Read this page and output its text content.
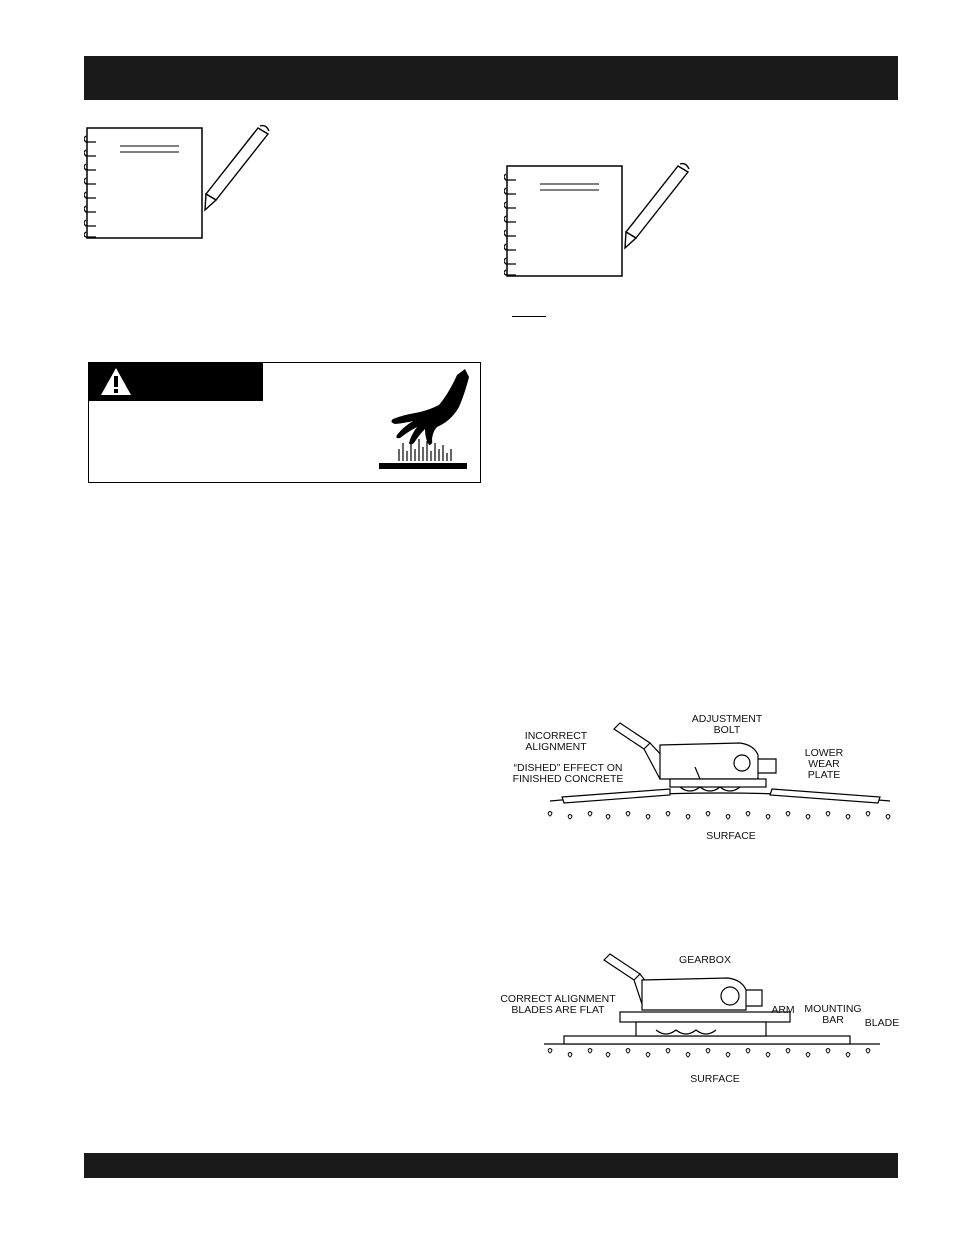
INCORRECT
ALIGNMENT
“DISHED” EFFECT ON
FINISHED CONCRETE
ADJUSTMENT
BOLT
LOWER
WEAR
PLATE
SURFACE
GEARBOX
CORRECT ALIGNMENT
BLADES ARE FLAT	ARM MOUNTING
BAR	BLADE
SURFACE
